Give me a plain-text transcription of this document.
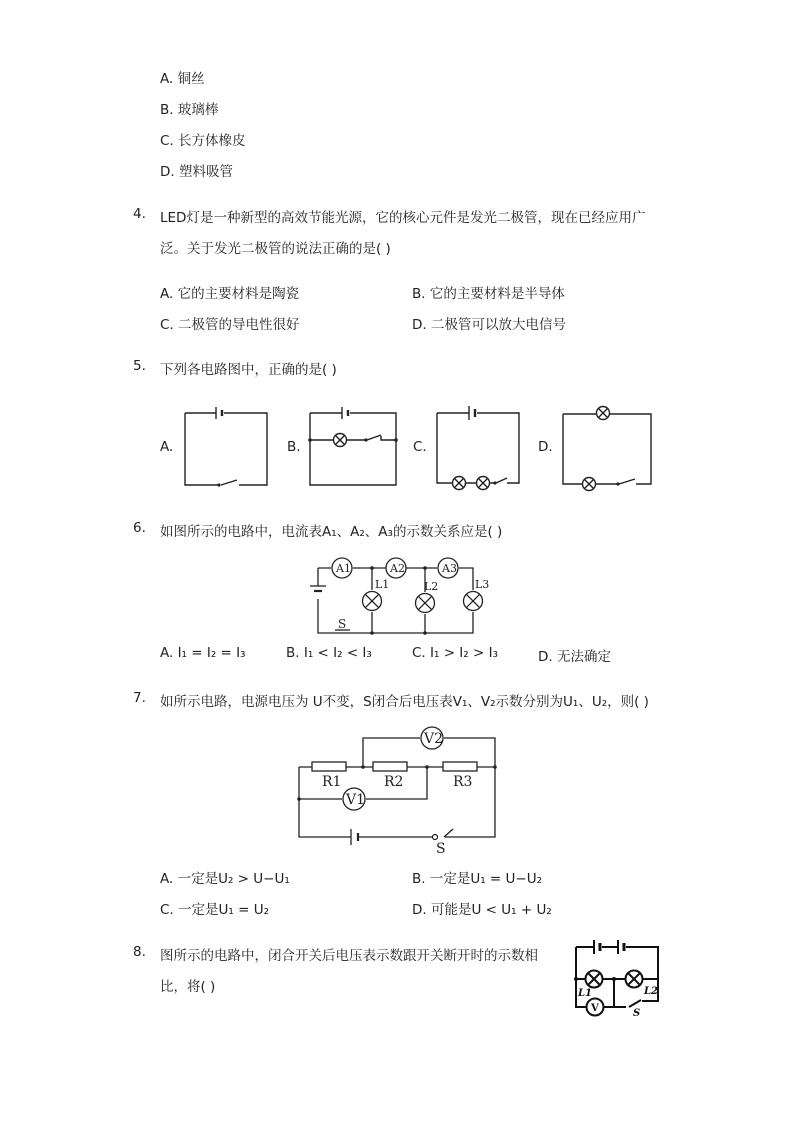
A. 铜丝
B. 玻璃棒
C. 长方体橡皮
D. 塑料吸管
4. LED灯是一种新型的高效节能光源，它的核心元件是发光二极管，现在已经应用广
泛。关于发光二极管的说法正确的是( )
A. 它的主要材料是陶瓷	B. 它的主要材料是半导体
C. 二极管的导电性很好	D. 二极管可以放大电信号
5. 下列各电路图中，正确的是( )
A.	B.	C.	D.
6. 如图所示的电路中，电流表A₁、A₂、A₃的示数关系应是( )
A1	A2	A3
L1	L2	L3
S
A. I₁ = I₂ = I₃	B. I₁ < I₂ < I₃	C. I₁ > I₂ > I₃	D. 无法确定
7. 如所示电路，电源电压为 U不变，S闭合后电压表V₁、V₂示数分别为U₁、U₂，则( )
V2
V1
R1	R2	R3
S
A. 一定是U₂ > U−U₁	B. 一定是U₁ = U−U₂
C. 一定是U₁ = U₂	D. 可能是U < U₁ + U₂
8. 图所示的电路中，闭合开关后电压表示数跟开关断开时的示数相
比，将( )	L1	L2
V	S
